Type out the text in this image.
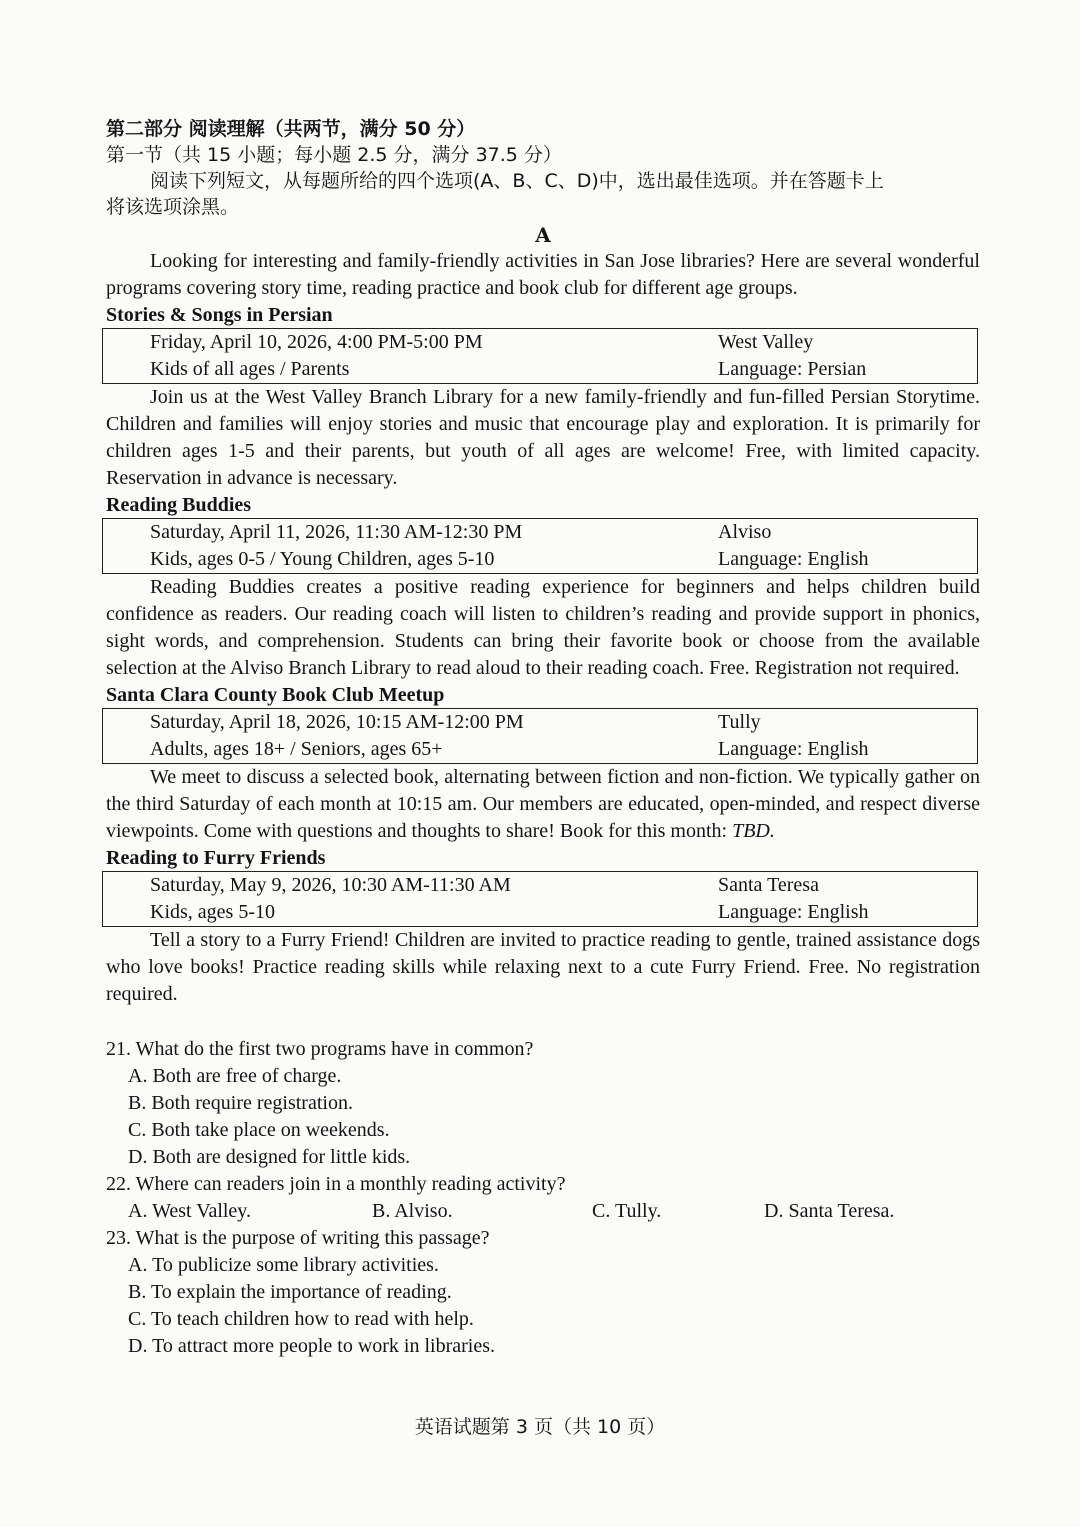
第二部分 阅读理解（共两节，满分 50 分）
第一节（共 15 小题；每小题 2.5 分，满分 37.5 分）
阅读下列短文，从每题所给的四个选项(A、B、C、D)中，选出最佳选项。并在答题卡上
将该选项涂黑。
A

Looking for interesting and family-friendly activities in San Jose libraries? Here are several wonderful programs covering story time, reading practice and book club for different age groups.

Stories & Songs in Persian

Friday, April 10, 2026, 4:00 PM-5:00 PM	West Valley
Kids of all ages / Parents	Language: Persian

Join us at the West Valley Branch Library for a new family-friendly and fun-filled Persian Storytime. Children and families will enjoy stories and music that encourage play and exploration. It is primarily for children ages 1-5 and their parents, but youth of all ages are welcome! Free, with limited capacity. Reservation in advance is necessary.

Reading Buddies

Saturday, April 11, 2026, 11:30 AM-12:30 PM	Alviso
Kids, ages 0-5 / Young Children, ages 5-10	Language: English

Reading Buddies creates a positive reading experience for beginners and helps children build confidence as readers. Our reading coach will listen to children’s reading and provide support in phonics, sight words, and comprehension. Students can bring their favorite book or choose from the available selection at the Alviso Branch Library to read aloud to their reading coach. Free. Registration not required.

Santa Clara County Book Club Meetup

Saturday, April 18, 2026, 10:15 AM-12:00 PM	Tully
Adults, ages 18+ / Seniors, ages 65+	Language: English

We meet to discuss a selected book, alternating between fiction and non-fiction. We typically gather on the third Saturday of each month at 10:15 am. Our members are educated, open-minded, and respect diverse viewpoints. Come with questions and thoughts to share! Book for this month: TBD.

Reading to Furry Friends

Saturday, May 9, 2026, 10:30 AM-11:30 AM	Santa Teresa
Kids, ages 5-10	Language: English

Tell a story to a Furry Friend! Children are invited to practice reading to gentle, trained assistance dogs who love books! Practice reading skills while relaxing next to a cute Furry Friend. Free. No registration required.

21. What do the first two programs have in common?

A. Both are free of charge.

B. Both require registration.

C. Both take place on weekends.

D. Both are designed for little kids.

22. Where can readers join in a monthly reading activity?

A. West Valley.	B. Alviso.	C. Tully.	D. Santa Teresa.

23. What is the purpose of writing this passage?

A. To publicize some library activities.

B. To explain the importance of reading.

C. To teach children how to read with help.

D. To attract more people to work in libraries.

英语试题第 3 页（共 10 页）
